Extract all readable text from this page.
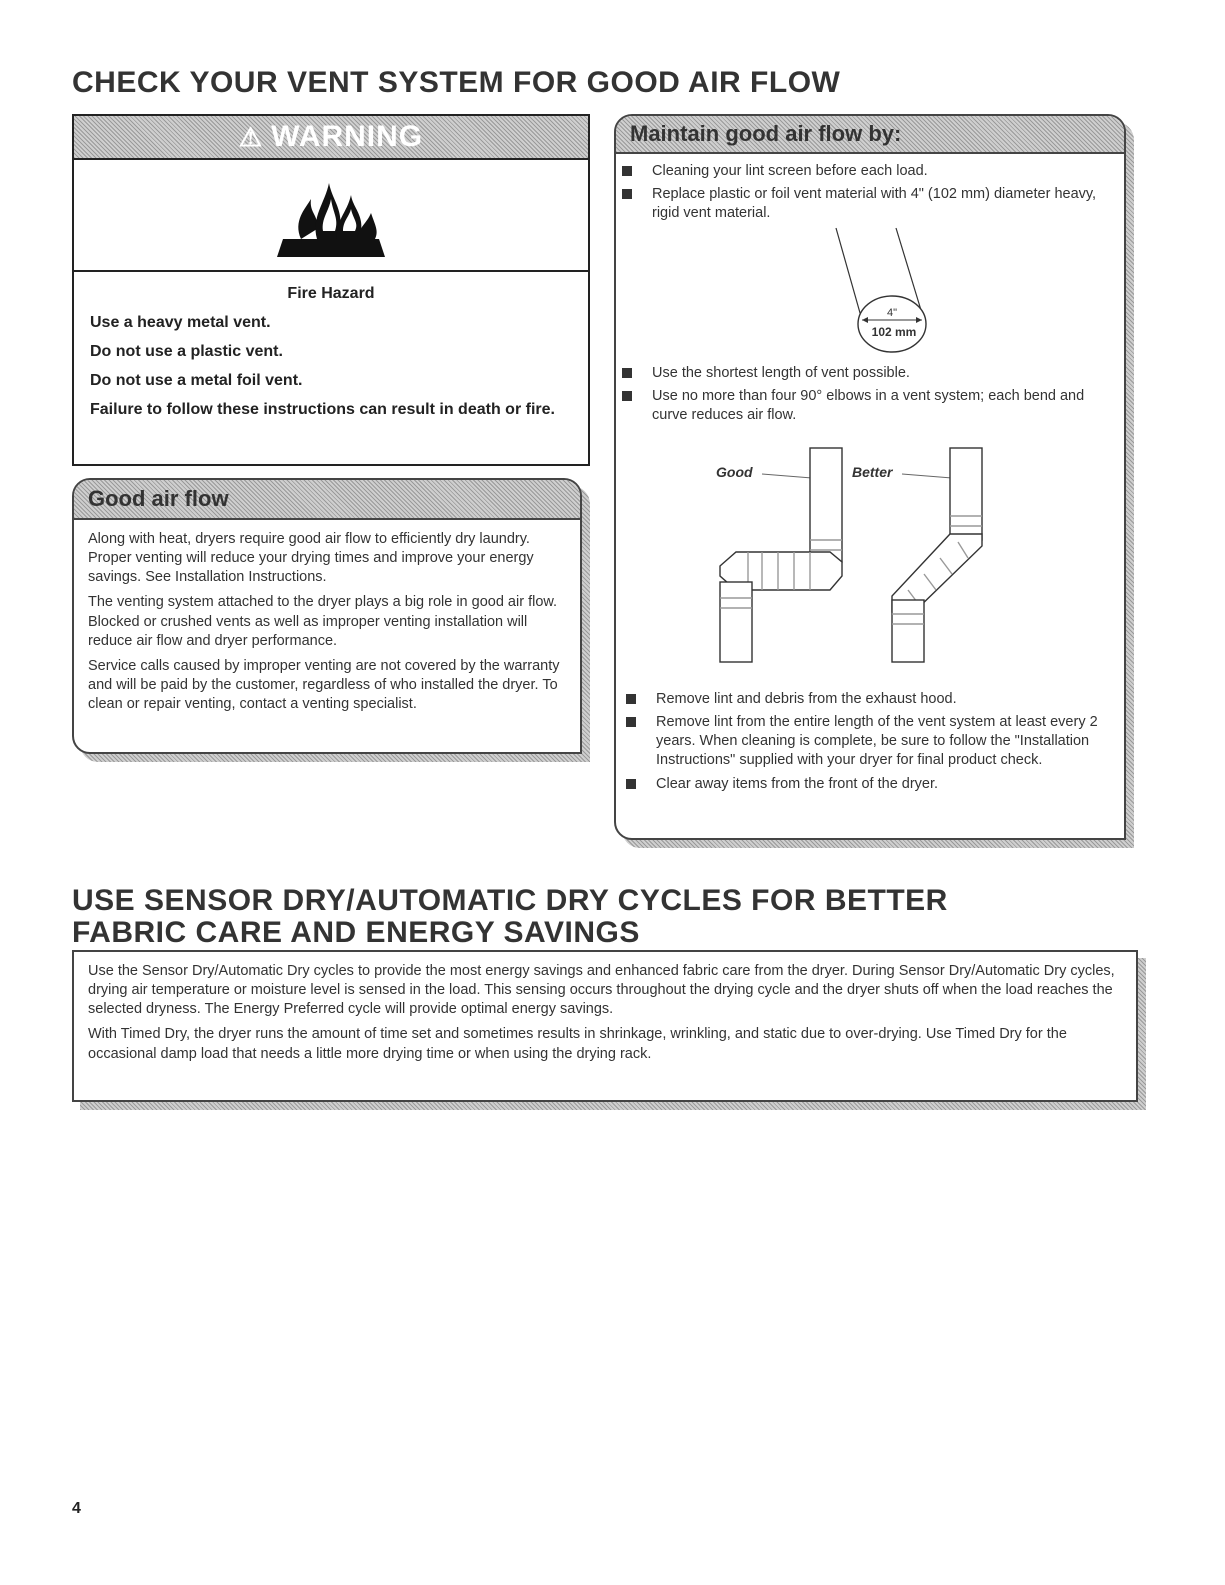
CHECK YOUR VENT SYSTEM FOR GOOD AIR FLOW
⚠ WARNING
Fire Hazard
Use a heavy metal vent.
Do not use a plastic vent.
Do not use a metal foil vent.
Failure to follow these instructions can result in death or fire.
Good air flow

Along with heat, dryers require good air flow to efficiently dry laundry. Proper venting will reduce your drying times and improve your energy savings. See Installation Instructions.

The venting system attached to the dryer plays a big role in good air flow. Blocked or crushed vents as well as improper venting installation will reduce air flow and dryer performance.

Service calls caused by improper venting are not covered by the warranty and will be paid by the customer, regardless of who installed the dryer. To clean or repair venting, contact a venting specialist.

Maintain good air flow by:
Cleaning your lint screen before each load.
Replace plastic or foil vent material with 4" (102 mm) diameter heavy, rigid vent material.
4"
102 mm
Use the shortest length of vent possible.
Use no more than four 90° elbows in a vent system; each bend and curve reduces air flow.
Good	Better
Remove lint and debris from the exhaust hood.
Remove lint from the entire length of the vent system at least every 2 years. When cleaning is complete, be sure to follow the "Installation Instructions" supplied with your dryer for final product check.
Clear away items from the front of the dryer.
USE SENSOR DRY/AUTOMATIC DRY CYCLES FOR BETTER
FABRIC CARE AND ENERGY SAVINGS

Use the Sensor Dry/Automatic Dry cycles to provide the most energy savings and enhanced fabric care from the dryer. During Sensor Dry/Automatic Dry cycles, drying air temperature or moisture level is sensed in the load. This sensing occurs throughout the drying cycle and the dryer shuts off when the load reaches the selected dryness. The Energy Preferred cycle will provide optimal energy savings.

With Timed Dry, the dryer runs the amount of time set and sometimes results in shrinkage, wrinkling, and static due to over-drying. Use Timed Dry for the occasional damp load that needs a little more drying time or when using the drying rack.

4
